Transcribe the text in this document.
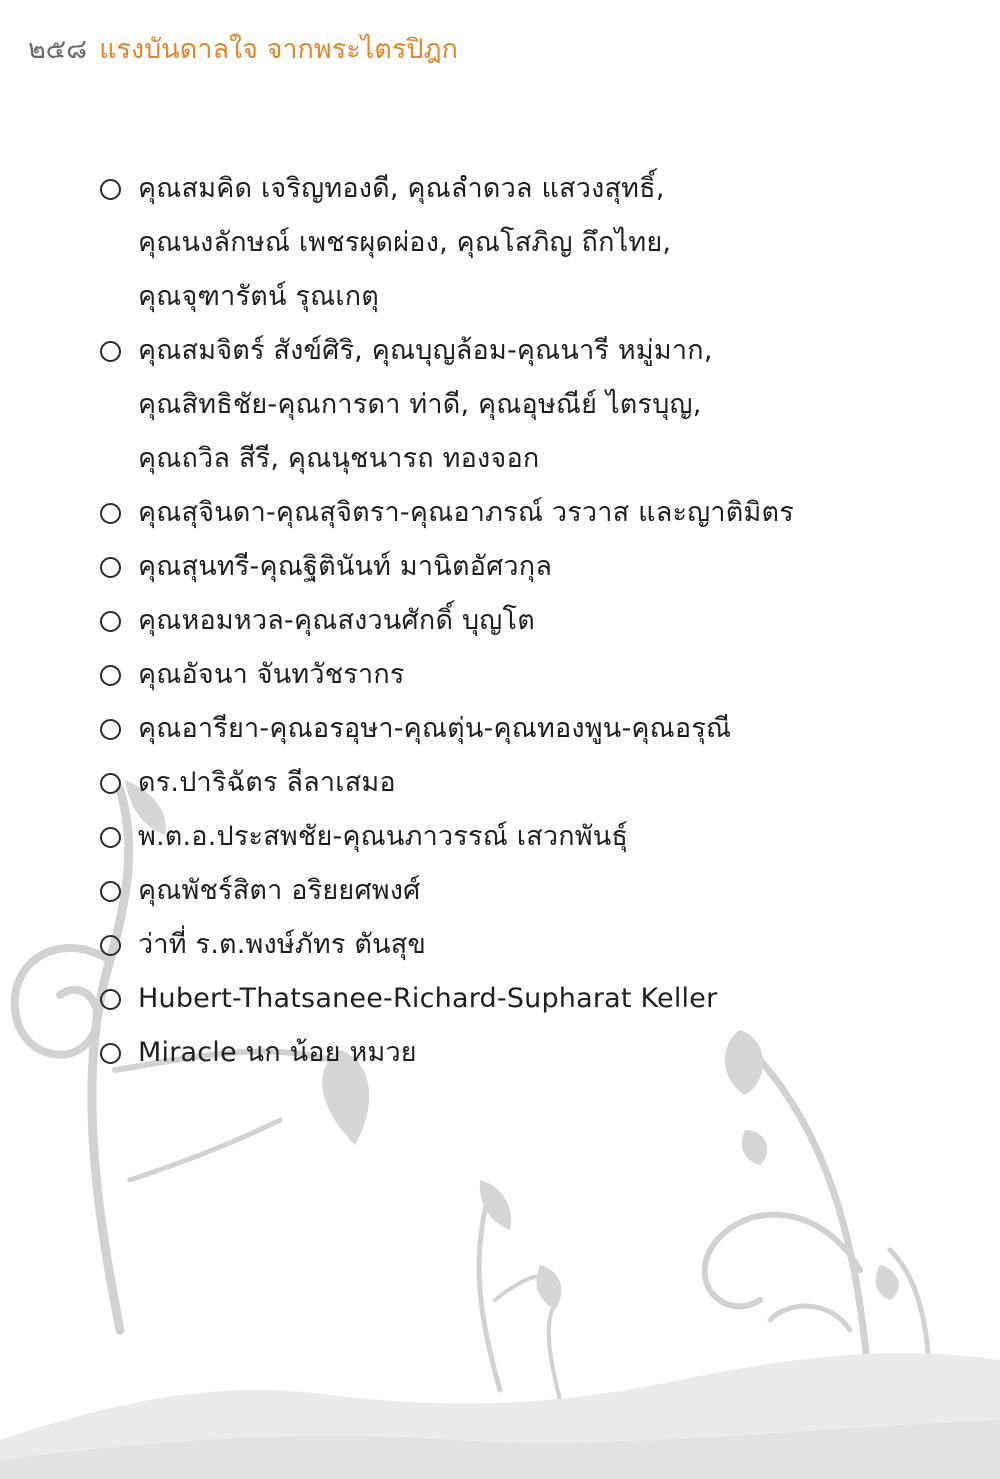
๒๕๘ แรงบันดาลใจ จากพระไตรปิฎก
คุณสมคิด เจริญทองดี, คุณลำดวล แสวงสุทธิ์,
คุณนงลักษณ์ เพชรผุดผ่อง, คุณโสภิญ ถึกไทย,
คุณจุฑารัตน์ รุณเกตุ
คุณสมจิตร์ สังข์ศิริ, คุณบุญล้อม-คุณนารี หมู่มาก,
คุณสิทธิชัย-คุณการดา ท่าดี, คุณอุษณีย์ ไตรบุญ,
คุณถวิล สีรี, คุณนุชนารถ ทองจอก
คุณสุจินดา-คุณสุจิตรา-คุณอาภรณ์ วรวาส และญาติมิตร
คุณสุนทรี-คุณฐิตินันท์ มานิตอัศวกุล
คุณหอมหวล-คุณสงวนศักดิ์ บุญโต
คุณอัจนา จันทวัชรากร
คุณอารียา-คุณอรอุษา-คุณตุ่น-คุณทองพูน-คุณอรุณี
ดร.ปาริฉัตร ลีลาเสมอ
พ.ต.อ.ประสพชัย-คุณนภาวรรณ์ เสวกพันธุ์
คุณพัชร์สิตา อริยยศพงศ์
ว่าที่ ร.ต.พงษ์ภัทร ตันสุข
Hubert-Thatsanee-Richard-Supharat Keller
Miracle นก น้อย หมวย
